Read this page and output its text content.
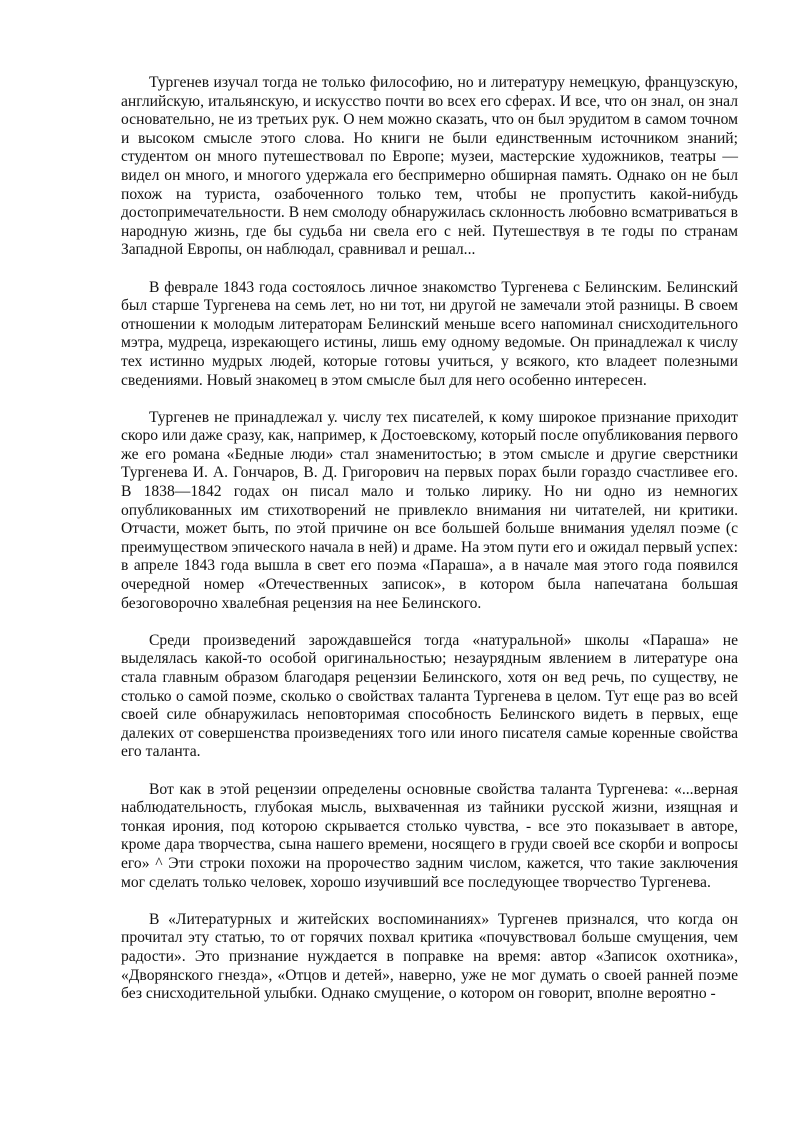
Тургенев изучал тогда не только философию, но и литературу немецкую, французскую, английскую, итальянскую, и искусство почти во всех его сферах. И все, что он знал, он знал основательно, не из третьих рук. О нем можно сказать, что он был эрудитом в самом точном и высоком смысле этого слова. Но книги не были единственным источником знаний; студентом он много путешествовал по Европе; музеи, мастерские художников, театры — видел он много, и многого удержала его беспримерно обширная память. Однако он не был похож на туриста, озабоченного только тем, чтобы не пропустить какой-нибудь достопримечательности. В нем смолоду обнаружилась склонность любовно всматриваться в народную жизнь, где бы судьба ни свела его с ней. Путешествуя в те годы по странам Западной Европы, он наблюдал, сравнивал и решал...

В феврале 1843 года состоялось личное знакомство Тургенева с Белинским. Белинский был старше Тургенева на семь лет, но ни тот, ни другой не замечали этой разницы. В своем отношении к молодым литераторам Белинский меньше всего напоминал снисходительного мэтра, мудреца, изрекающего истины, лишь ему одному ведомые. Он принадлежал к числу тех истинно мудрых людей, которые готовы учиться, у всякого, кто владеет полезными сведениями. Новый знакомец в этом смысле был для него особенно интересен.

Тургенев не принадлежал у. числу тех писателей, к кому широкое признание приходит скоро или даже сразу, как, например, к Достоевскому, который после опубликования первого же его романа «Бедные люди» стал знаменитостью; в этом смысле и другие сверстники Тургенева И. А. Гончаров, В. Д. Григорович на первых порах были гораздо счастливее его. В 1838—1842 годах он писал мало и только лирику. Но ни одно из немногих опубликованных им стихотворений не привлекло внимания ни читателей, ни критики. Отчасти, может быть, по этой причине он все большей больше внимания уделял поэме (с преимуществом эпического начала в ней) и драме. На этом пути его и ожидал первый успех: в апреле 1843 года вышла в свет его поэма «Параша», а в начале мая этого года появился очередной номер «Отечественных записок», в котором была напечатана большая безоговорочно хвалебная рецензия на нее Белинского.

Среди произведений зарождавшейся тогда «натуральной» школы «Параша» не выделялась какой-то особой оригинальностью; незаурядным явлением в литературе она стала главным образом благодаря рецензии Белинского, хотя он вед речь, по существу, не столько о самой поэме, сколько о свойствах таланта Тургенева в целом. Тут еще раз во всей своей силе обнаружилась неповторимая способность Белинского видеть в первых, еще далеких от совершенства произведениях того или иного писателя самые коренные свойства его таланта.

Вот как в этой рецензии определены основные свойства таланта Тургенева: «...верная наблюдательность, глубокая мысль, выхваченная из тайники русской жизни, изящная и тонкая ирония, под которою скрывается столько чувства, - все это показывает в авторе, кроме дара творчества, сына нашего времени, носящего в груди своей все скорби и вопросы его» ^ Эти строки похожи на пророчество задним числом, кажется, что такие заключения мог сделать только человек, хорошо изучивший все последующее творчество Тургенева.

В «Литературных и житейских воспоминаниях» Тургенев признался, что когда он прочитал эту статью, то от горячих похвал критика «почувствовал больше смущения, чем радости». Это признание нуждается в поправке на время: автор «Записок охотника», «Дворянского гнезда», «Отцов и детей», наверно, уже не мог думать о своей ранней поэме без снисходительной улыбки. Однако смущение, о котором он говорит, вполне вероятно -
